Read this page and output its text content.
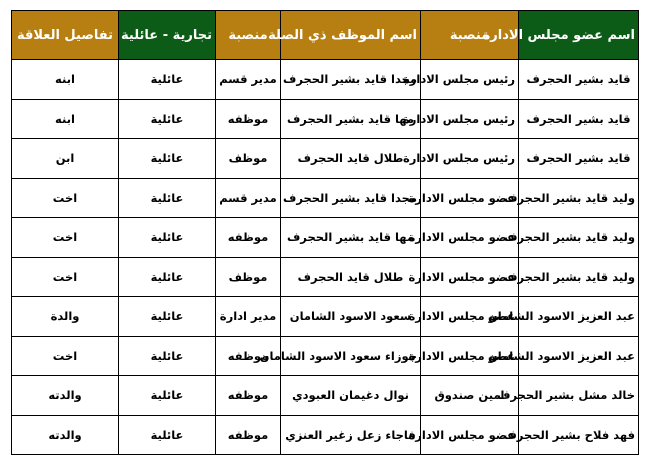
اسم عضو مجلس الادارة	منصبة	اسم الموظف ذي الصلة	منصبة	تجارية - عائلية	تفاصيل العلاقة
قايد بشير الحجرف	رئيس مجلس الادارة	مجدا قايد بشير الحجرف	مدير قسم	عائلية	ابنه
قايد بشير الحجرف	رئيس مجلس الادارة	مها قايد بشير الحجرف	موظفه	عائلية	ابنه
قايد بشير الحجرف	رئيس مجلس الادارة	طلال قايد الحجرف	موظف	عائلية	ابن
وليد قايد بشير الحجرف	عضو مجلس الادارة	مجدا قايد بشير الحجرف	مدير قسم	عائلية	اخت
وليد قايد بشير الحجرف	عضو مجلس الادارة	مها قايد بشير الحجرف	موظفه	عائلية	اخت
وليد قايد بشير الحجرف	عضو مجلس الادارة	طلال قايد الحجرف	موظف	عائلية	اخت
عبد العزيز الاسود الشامان	عضو مجلس الادارة	سعود الاسود الشامان	مدير ادارة	عائلية	والدة
عبد العزيز الاسود الشامان	عضو مجلس الادارة	جوزاء سعود الاسود الشامان	موظفه	عائلية	اخت
خالد مشل بشير الحجرف	امين صندوق	نوال دغيمان العبودي	موظفه	عائلية	والدته
فهد فلاح بشير الحجرف	عضو مجلس الادارة	فاجاء زعل زغير العنزي	موظفه	عائلية	والدته
